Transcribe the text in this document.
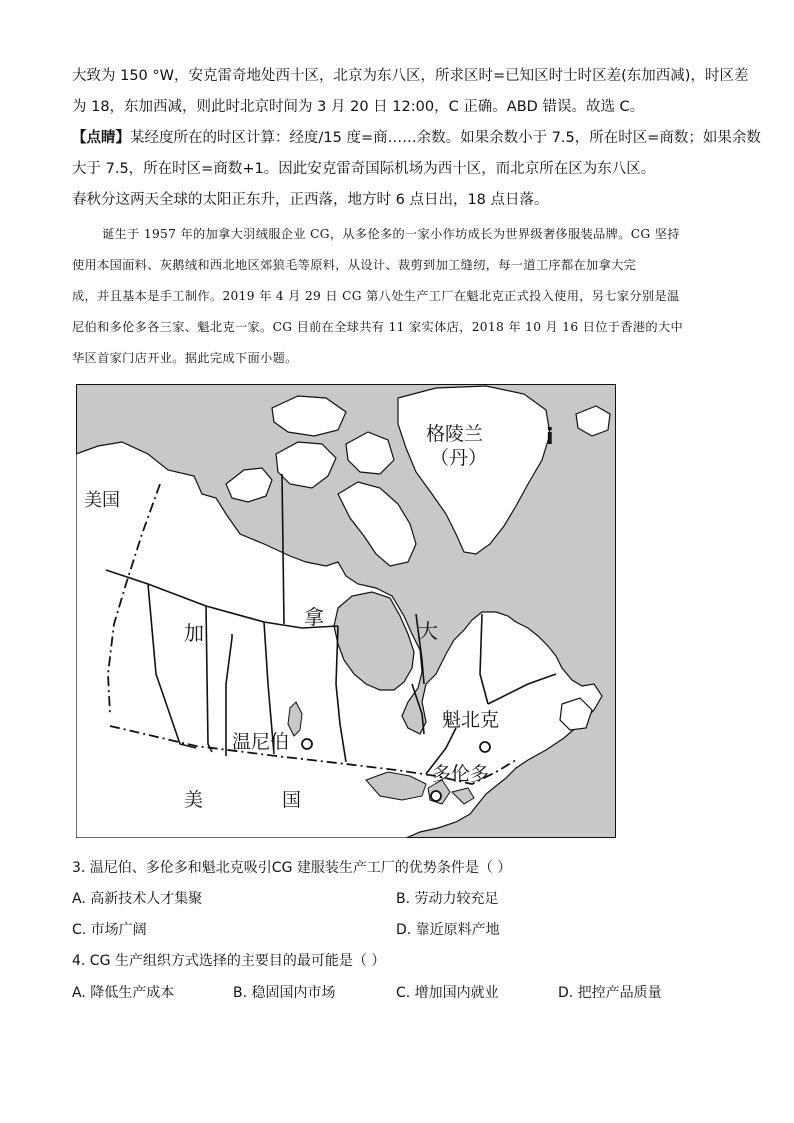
大致为 150 °W，安克雷奇地处西十区，北京为东八区，所求区时=已知区时士时区差(东加西减)，时区差
为 18，东加西减，则此时北京时间为 3 月 20 日 12:00，C 正确。ABD 错误。故选 C。
【点睛】某经度所在的时区计算：经度/15 度=商……余数。如果余数小于 7.5，所在时区=商数；如果余数
大于 7.5，所在时区=商数+1。因此安克雷奇国际机场为西十区，而北京所在区为东八区。
春秋分这两天全球的太阳正东升，正西落，地方时 6 点日出，18 点日落。
诞生于 1957 年的加拿大羽绒服企业 CG，从多伦多的一家小作坊成长为世界级奢侈服装品牌。CG 坚持
使用本国面料、灰鹅绒和西北地区郊狼毛等原料，从设计、裁剪到加工缝纫，每一道工序都在加拿大完
成，并且基本是手工制作。2019 年 4 月 29 日 CG 第八处生产工厂在魁北克正式投入使用，另七家分别是温
尼伯和多伦多各三家、魁北克一家。CG 目前在全球共有 11 家实体店，2018 年 10 月 16 日位于香港的大中
华区首家门店开业。据此完成下面小题。
格陵兰
（丹）
i
美国
加
拿
大
温尼伯
魁北克
多伦多
美	国
3. 温尼伯、多伦多和魁北克吸引CG 建服装生产工厂的优势条件是（ ）
A. 高新技术人才集聚	B. 劳动力较充足
C. 市场广阔	D. 靠近原料产地
4. CG 生产组织方式选择的主要目的最可能是（ ）
A. 降低生产成本	B. 稳固国内市场	C. 增加国内就业	D. 把控产品质量
